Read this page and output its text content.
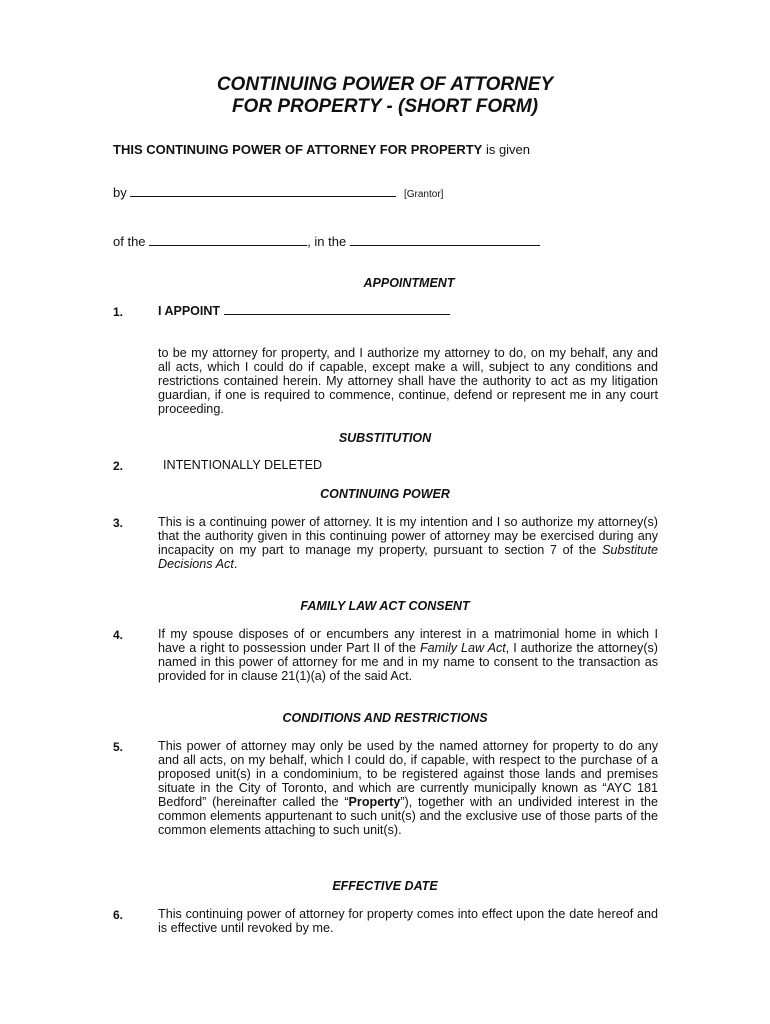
CONTINUING POWER OF ATTORNEY
FOR PROPERTY - (SHORT FORM)
THIS CONTINUING POWER OF ATTORNEY FOR PROPERTY is given
by	[Grantor]
of the	, in the
APPOINTMENT
1.	I APPOINT
to be my attorney for property, and I authorize my attorney to do, on my behalf, any and all acts, which I could do if capable, except make a will, subject to any conditions and restrictions contained herein. My attorney shall have the authority to act as my litigation guardian, if one is required to commence, continue, defend or represent me in any court proceeding.
SUBSTITUTION
2.	INTENTIONALLY DELETED
CONTINUING POWER
3.	This is a continuing power of attorney. It is my intention and I so authorize my attorney(s) that the authority given in this continuing power of attorney may be exercised during any incapacity on my part to manage my property, pursuant to section 7 of the Substitute Decisions Act.
FAMILY LAW ACT CONSENT
4.	If my spouse disposes of or encumbers any interest in a matrimonial home in which I have a right to possession under Part II of the Family Law Act, I authorize the attorney(s) named in this power of attorney for me and in my name to consent to the transaction as provided for in clause 21(1)(a) of the said Act.
CONDITIONS AND RESTRICTIONS
5.	This power of attorney may only be used by the named attorney for property to do any and all acts, on my behalf, which I could do, if capable, with respect to the purchase of a proposed unit(s) in a condominium, to be registered against those lands and premises situate in the City of Toronto, and which are currently municipally known as “AYC 181 Bedford” (hereinafter called the “Property”), together with an undivided interest in the common elements appurtenant to such unit(s) and the exclusive use of those parts of the common elements attaching to such unit(s).
EFFECTIVE DATE
6.	This continuing power of attorney for property comes into effect upon the date hereof and is effective until revoked by me.
